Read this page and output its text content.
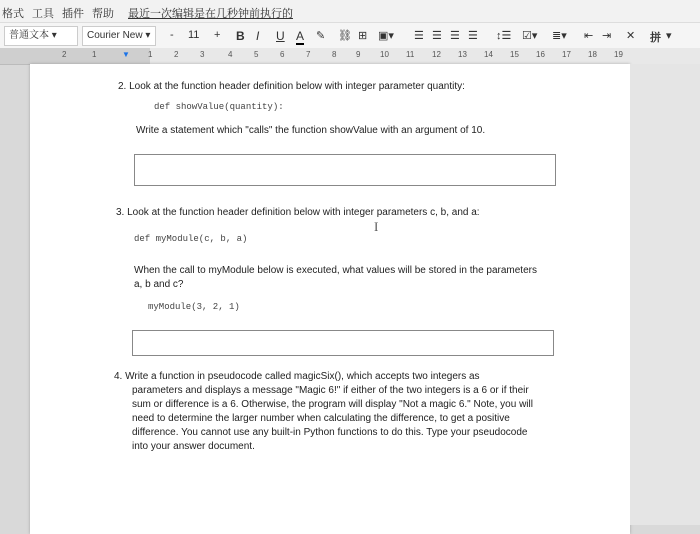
格式 工具 插件 帮助 最近一次编辑是在几秒钟前执行的
普通文本 ▾	Courier New ▾	- 11 + B I U A ✎ ⛓ ⊞ ▣▾ ☰ ☰ ☰ ☰ ↕☰ ☑▾ ≣▾ ⇤ ⇥ ✕ 拼 ▾
2	1	▼ 1	2	3	4	5	6	7	8 9 10 11 12 13 14 15 16 17 18 19
2. Look at the function header definition below with integer parameter quantity:
def showValue(quantity):
Write a statement which "calls" the function showValue with an argument of 10.
3. Look at the function header definition below with integer parameters c, b, and a:
def myModule(c, b, a)
I
When the call to myModule below is executed, what values will be stored in the parameters
a, b and c?
myModule(3, 2, 1)
4. Write a function in pseudocode called magicSix(), which accepts two integers as
parameters and displays a message "Magic 6!" if either of the two integers is a 6 or if their
sum or difference is a 6. Otherwise, the program will display "Not a magic 6." Note, you will
need to determine the larger number when calculating the difference, to get a positive
difference. You cannot use any built-in Python functions to do this. Type your pseudocode
into your answer document.
